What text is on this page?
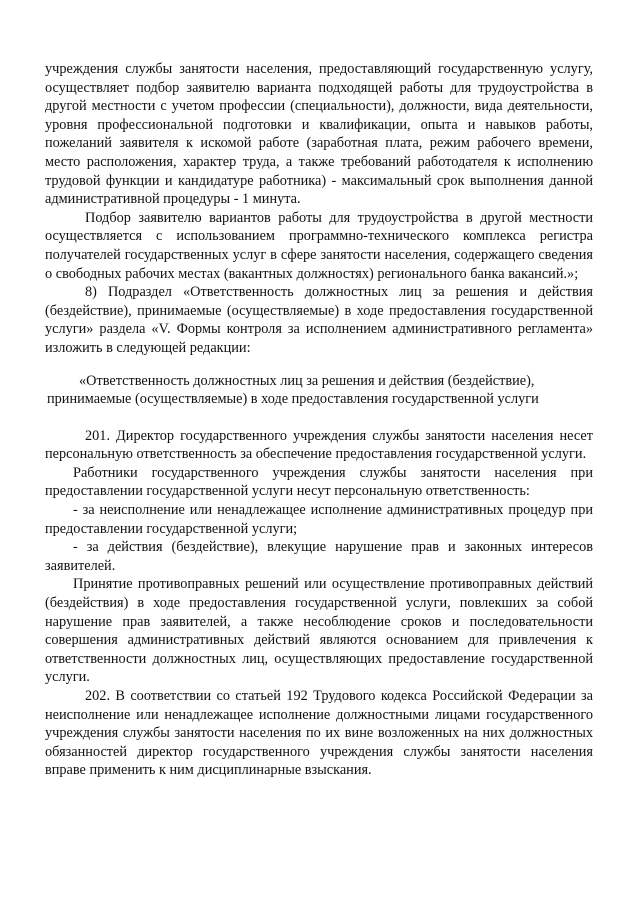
учреждения службы занятости населения, предоставляющий государственную услугу, осуществляет подбор заявителю варианта подходящей работы для трудоустройства в другой местности с учетом профессии (специальности), должности, вида деятельности, уровня профессиональной подготовки и квалификации, опыта и навыков работы, пожеланий заявителя к искомой работе (заработная плата, режим рабочего времени, место расположения, характер труда, а также требований работодателя к исполнению трудовой функции и кандидатуре работника) - максимальный срок выполнения данной административной процедуры - 1 минута.

Подбор заявителю вариантов работы для трудоустройства в другой местности осуществляется с использованием программно-технического комплекса регистра получателей государственных услуг в сфере занятости населения, содержащего сведения о свободных рабочих местах (вакантных должностях) регионального банка вакансий.»;

8) Подраздел «Ответственность должностных лиц за решения и действия (бездействие), принимаемые (осуществляемые) в ходе предоставления государственной услуги» раздела «V. Формы контроля за исполнением административного регламента» изложить в следующей редакции:

«Ответственность должностных лиц за решения и действия (бездействие),
принимаемые (осуществляемые) в ходе предоставления государственной услуги

201. Директор государственного учреждения службы занятости населения несет персональную ответственность за обеспечение предоставления государственной услуги.

Работники государственного учреждения службы занятости населения при предоставлении государственной услуги несут персональную ответственность:

- за неисполнение или ненадлежащее исполнение административных процедур при предоставлении государственной услуги;

- за действия (бездействие), влекущие нарушение прав и законных интересов заявителей.

Принятие противоправных решений или осуществление противоправных действий (бездействия) в ходе предоставления государственной услуги, повлекших за собой нарушение прав заявителей, а также несоблюдение сроков и последовательности совершения административных действий являются основанием для привлечения к ответственности должностных лиц, осуществляющих предоставление государственной услуги.

202. В соответствии со статьей 192 Трудового кодекса Российской Федерации за неисполнение или ненадлежащее исполнение должностными лицами государственного учреждения службы занятости населения по их вине возложенных на них должностных обязанностей директор государственного учреждения службы занятости населения вправе применить к ним дисциплинарные взыскания.
